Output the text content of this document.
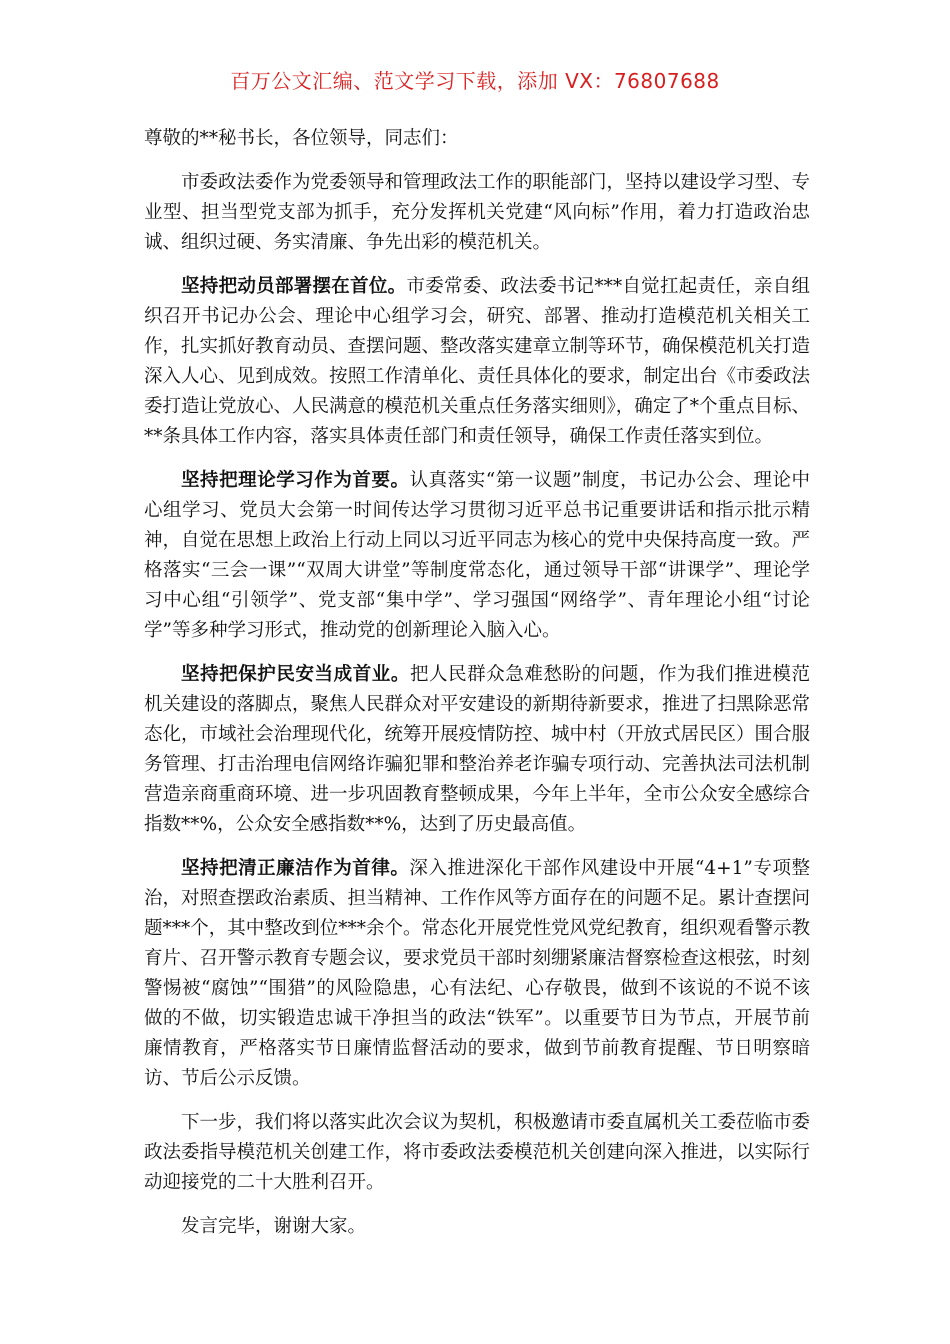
百万公文汇编、范文学习下载，添加 VX：76807688

尊敬的**秘书长，各位领导，同志们：

市委政法委作为党委领导和管理政法工作的职能部门，坚持以建设学习型、专业型、担当型党支部为抓手，充分发挥机关党建“风向标”作用，着力打造政治忠诚、组织过硬、务实清廉、争先出彩的模范机关。

坚持把动员部署摆在首位。市委常委、政法委书记***自觉扛起责任，亲自组织召开书记办公会、理论中心组学习会，研究、部署、推动打造模范机关相关工作，扎实抓好教育动员、查摆问题、整改落实建章立制等环节，确保模范机关打造深入人心、见到成效。按照工作清单化、责任具体化的要求，制定出台《市委政法委打造让党放心、人民满意的模范机关重点任务落实细则》，确定了*个重点目标、**条具体工作内容，落实具体责任部门和责任领导，确保工作责任落实到位。

坚持把理论学习作为首要。认真落实“第一议题”制度，书记办公会、理论中心组学习、党员大会第一时间传达学习贯彻习近平总书记重要讲话和指示批示精神，自觉在思想上政治上行动上同以习近平同志为核心的党中央保持高度一致。严格落实“三会一课”“双周大讲堂”等制度常态化，通过领导干部“讲课学”、理论学习中心组“引领学”、党支部“集中学”、学习强国“网络学”、青年理论小组“讨论学”等多种学习形式，推动党的创新理论入脑入心。

坚持把保护民安当成首业。把人民群众急难愁盼的问题，作为我们推进模范机关建设的落脚点，聚焦人民群众对平安建设的新期待新要求，推进了扫黑除恶常态化，市域社会治理现代化，统筹开展疫情防控、城中村（开放式居民区）围合服务管理、打击治理电信网络诈骗犯罪和整治养老诈骗专项行动、完善执法司法机制营造亲商重商环境、进一步巩固教育整顿成果，今年上半年，全市公众安全感综合指数**%，公众安全感指数**%，达到了历史最高值。

坚持把清正廉洁作为首律。深入推进深化干部作风建设中开展“4+1”专项整治，对照查摆政治素质、担当精神、工作作风等方面存在的问题不足。累计查摆问题***个，其中整改到位***余个。常态化开展党性党风党纪教育，组织观看警示教育片、召开警示教育专题会议，要求党员干部时刻绷紧廉洁督察检查这根弦，时刻警惕被“腐蚀”“围猎”的风险隐患，心有法纪、心存敬畏，做到不该说的不说不该做的不做，切实锻造忠诚干净担当的政法“铁军”。以重要节日为节点，开展节前廉情教育，严格落实节日廉情监督活动的要求，做到节前教育提醒、节日明察暗访、节后公示反馈。

下一步，我们将以落实此次会议为契机，积极邀请市委直属机关工委莅临市委政法委指导模范机关创建工作，将市委政法委模范机关创建向深入推进，以实际行动迎接党的二十大胜利召开。

发言完毕，谢谢大家。
